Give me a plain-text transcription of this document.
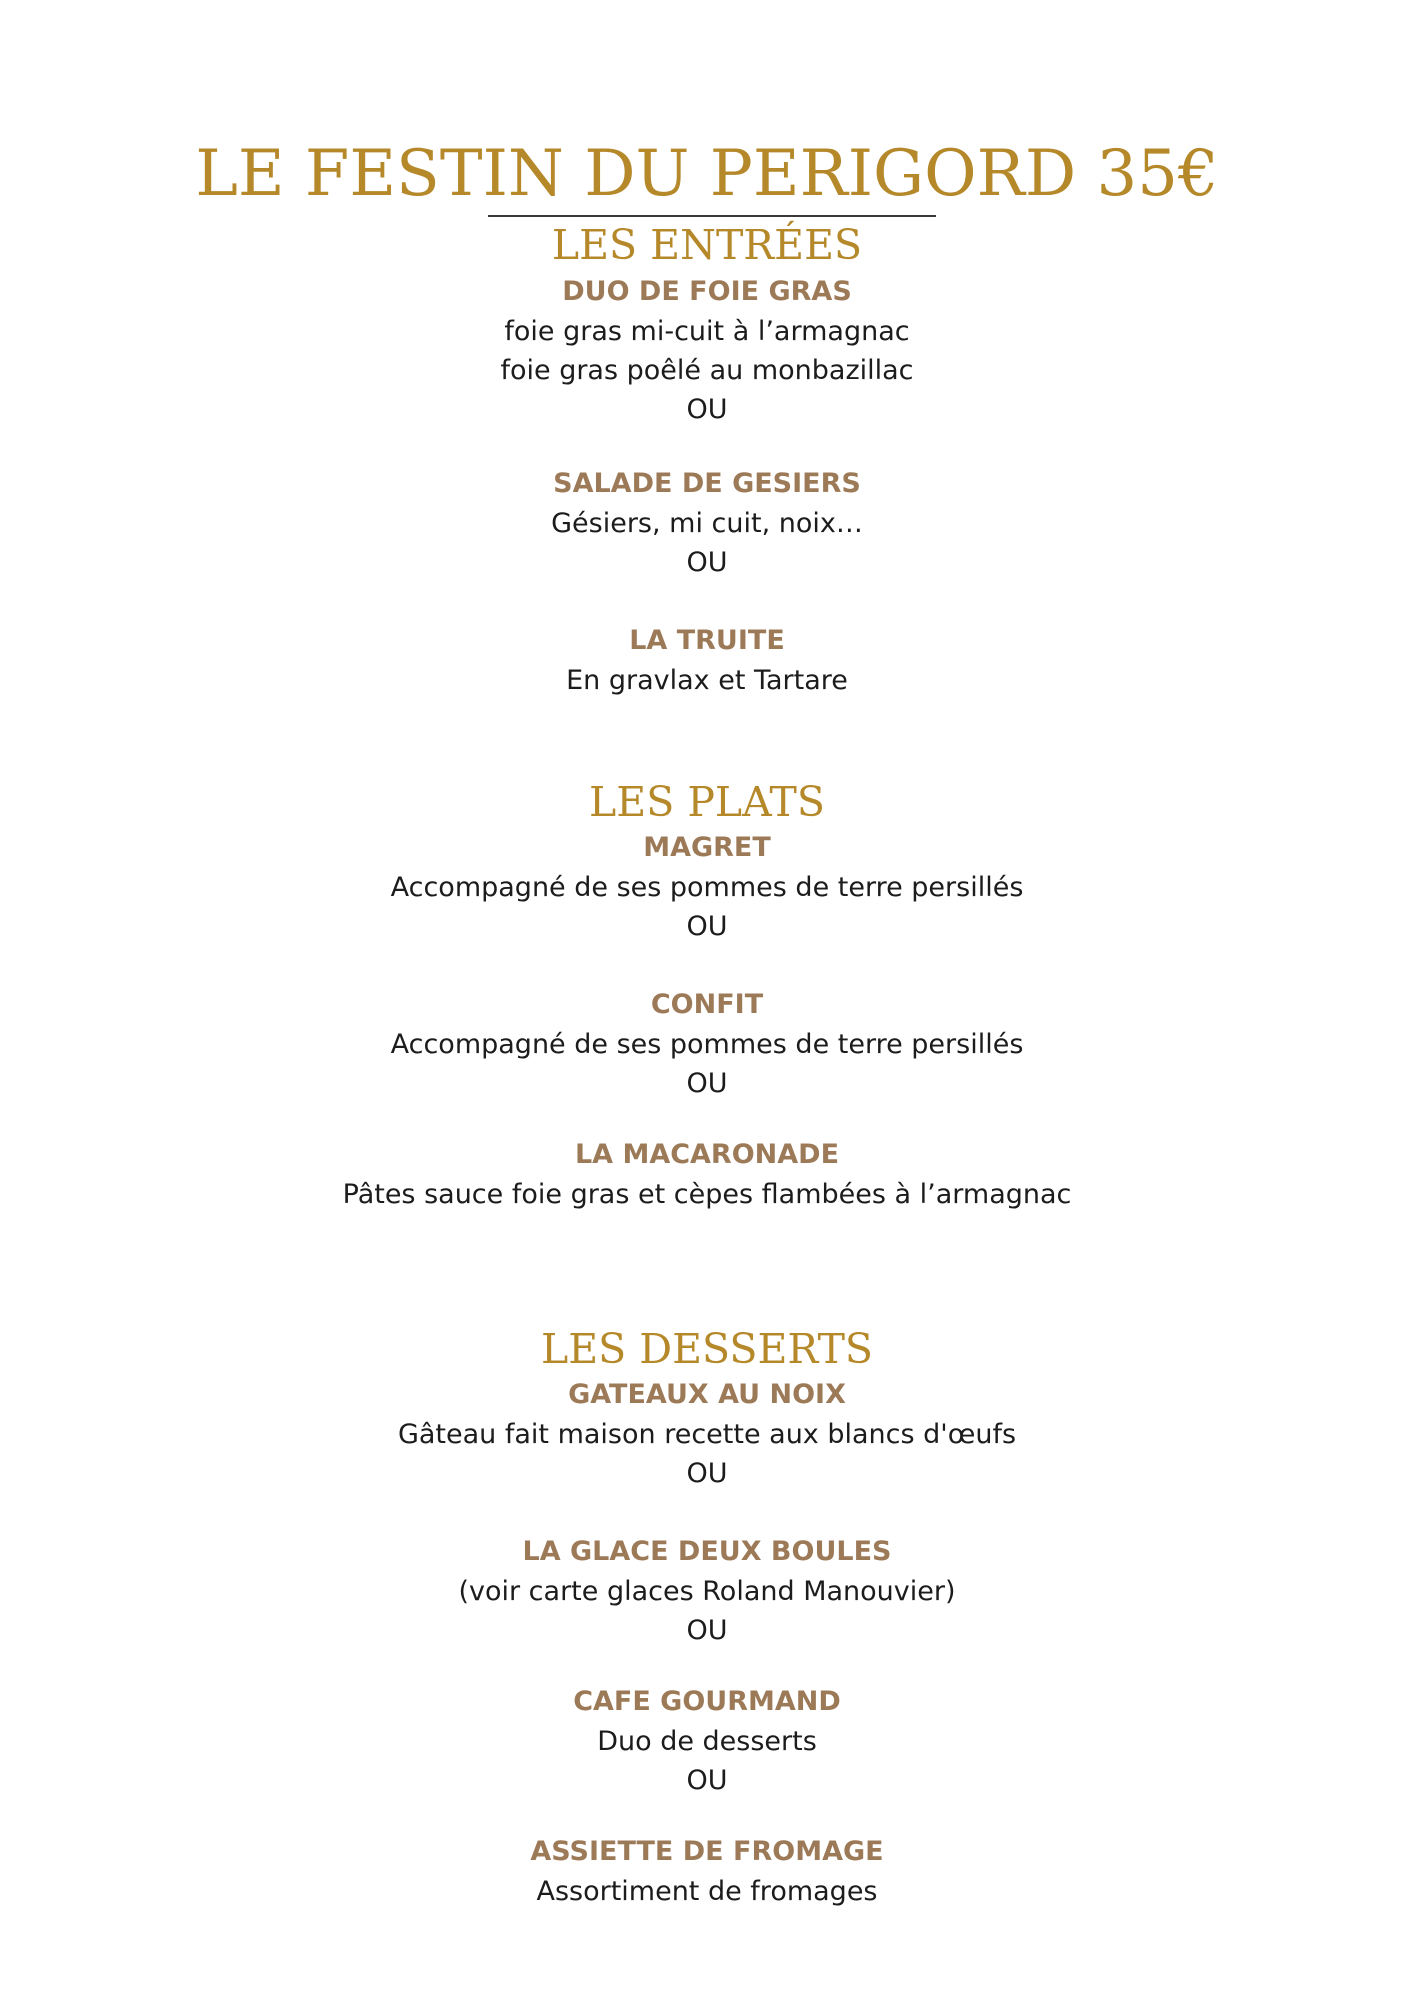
LE FESTIN DU PERIGORD 35€
LES ENTRÉES
DUO DE FOIE GRAS
foie gras mi-cuit à l’armagnac
foie gras poêlé au monbazillac
OU
SALADE DE GESIERS
Gésiers, mi cuit, noix…
OU
LA TRUITE
En gravlax et Tartare
LES PLATS
MAGRET
Accompagné de ses pommes de terre persillés
OU
CONFIT
Accompagné de ses pommes de terre persillés
OU
LA MACARONADE
Pâtes sauce foie gras et cèpes flambées à l’armagnac
LES DESSERTS
GATEAUX AU NOIX
Gâteau fait maison recette aux blancs d'œufs
OU
LA GLACE DEUX BOULES
(voir carte glaces Roland Manouvier)
OU
CAFE GOURMAND
Duo de desserts
OU
ASSIETTE DE FROMAGE
Assortiment de fromages
